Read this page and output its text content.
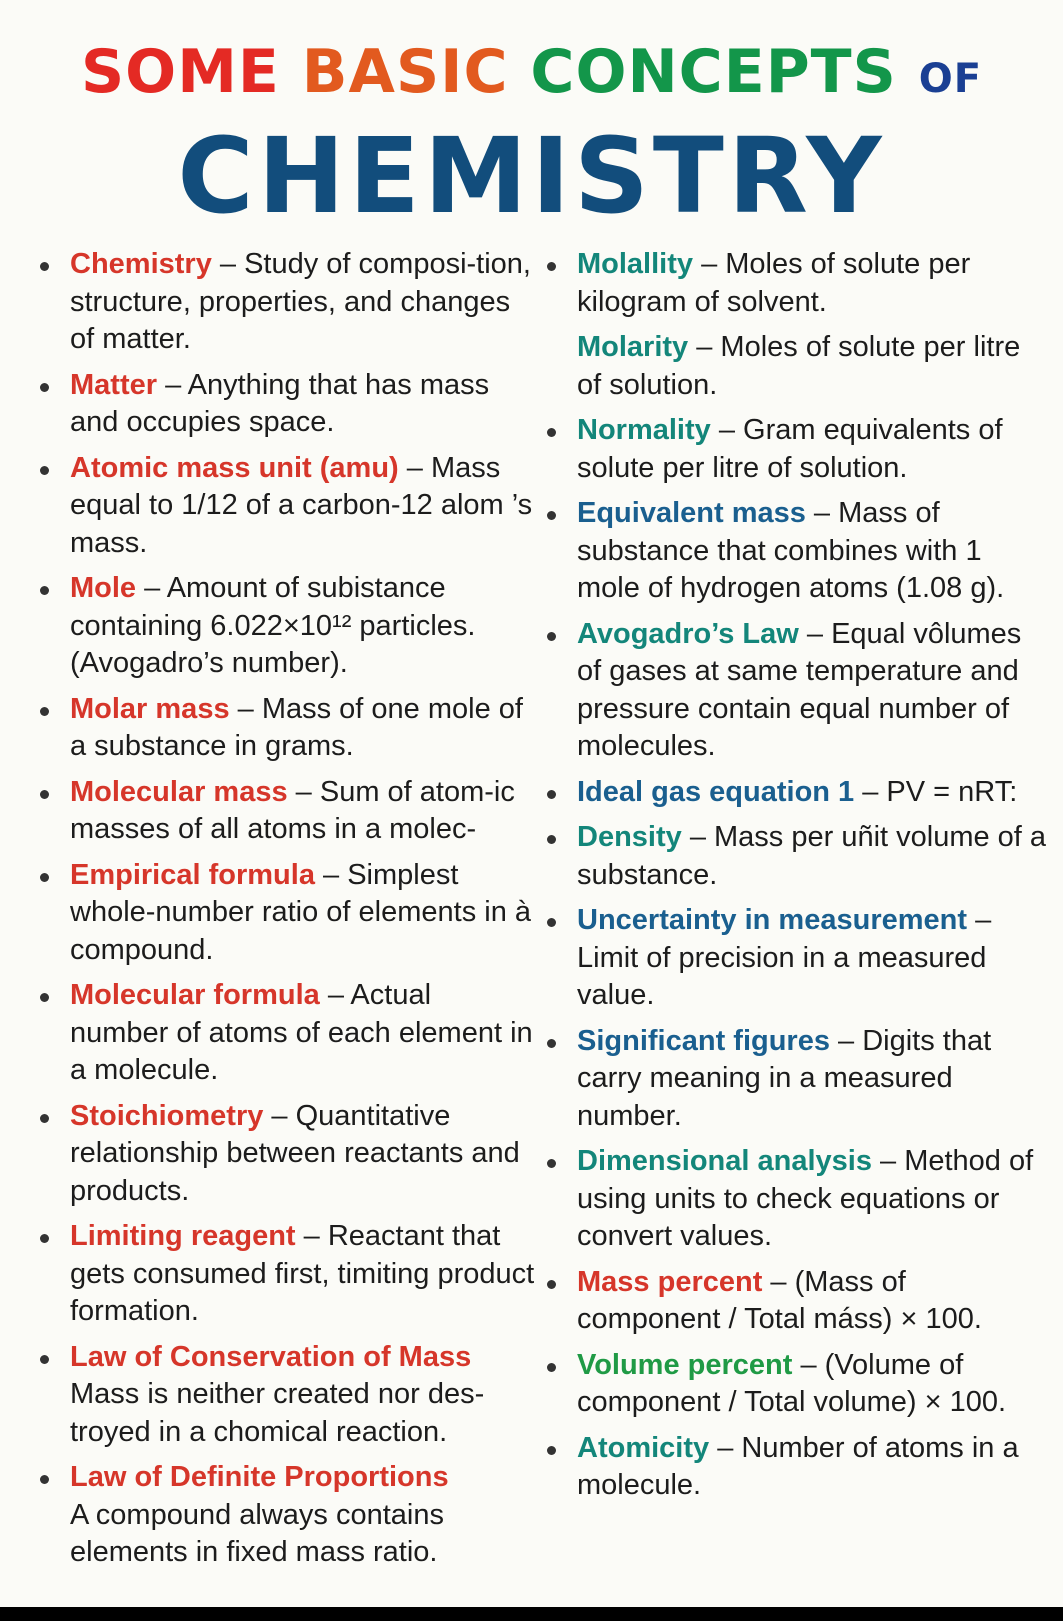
SOME BASIC CONCEPTS OF
CHEMISTRY
Chemistry – Study of composi-tion, structure, properties, and changes of matter.
Matter – Anything that has mass and occupies space.
Atomic mass unit (amu) – Mass equal to 1/12 of a carbon-12 alom ’s mass.
Mole – Amount of subistance containing 6.022×10¹² particles. (Avogadro’s number).
Molar mass – Mass of one mole of a substance in grams.
Molecular mass – Sum of atom-ic masses of all atoms in a molec-
Empirical formula – Simplest whole-number ratio of elements in à compound.
Molecular formula – Actual number of atoms of each element in a molecule.
Stoichiometry – Quantitative relationship between reactants and products.
Limiting reagent – Reactant that gets consumed first, timiting product formation.
Law of Conservation of Mass
Mass is neither created nor des-troyed in a chomical reaction.
Law of Definite Proportions
A compound always contains elements in fixed mass ratio.
Molallity – Moles of solute per kilogram of solvent.
Molarity – Moles of solute per litre of solution.
Normality – Gram equivalents of solute per litre of solution.
Equivalent mass – Mass of substance that combines with 1 mole of hydrogen atoms (1.08 g).
Avogadro’s Law – Equal vôlumes of gases at same temperature and pressure contain equal number of molecules.
Ideal gas equation 1 – PV = nRT:
Density – Mass per uñit volume of a substance.
Uncertainty in measurement – Limit of precision in a measured value.
Significant figures – Digits that carry meaning in a measured number.
Dimensional analysis – Method of using units to check equations or convert values.
Mass percent – (Mass of component / Total máss) × 100.
Volume percent – (Volume of component / Total volume) × 100.
Atomicity – Number of atoms in a molecule.
